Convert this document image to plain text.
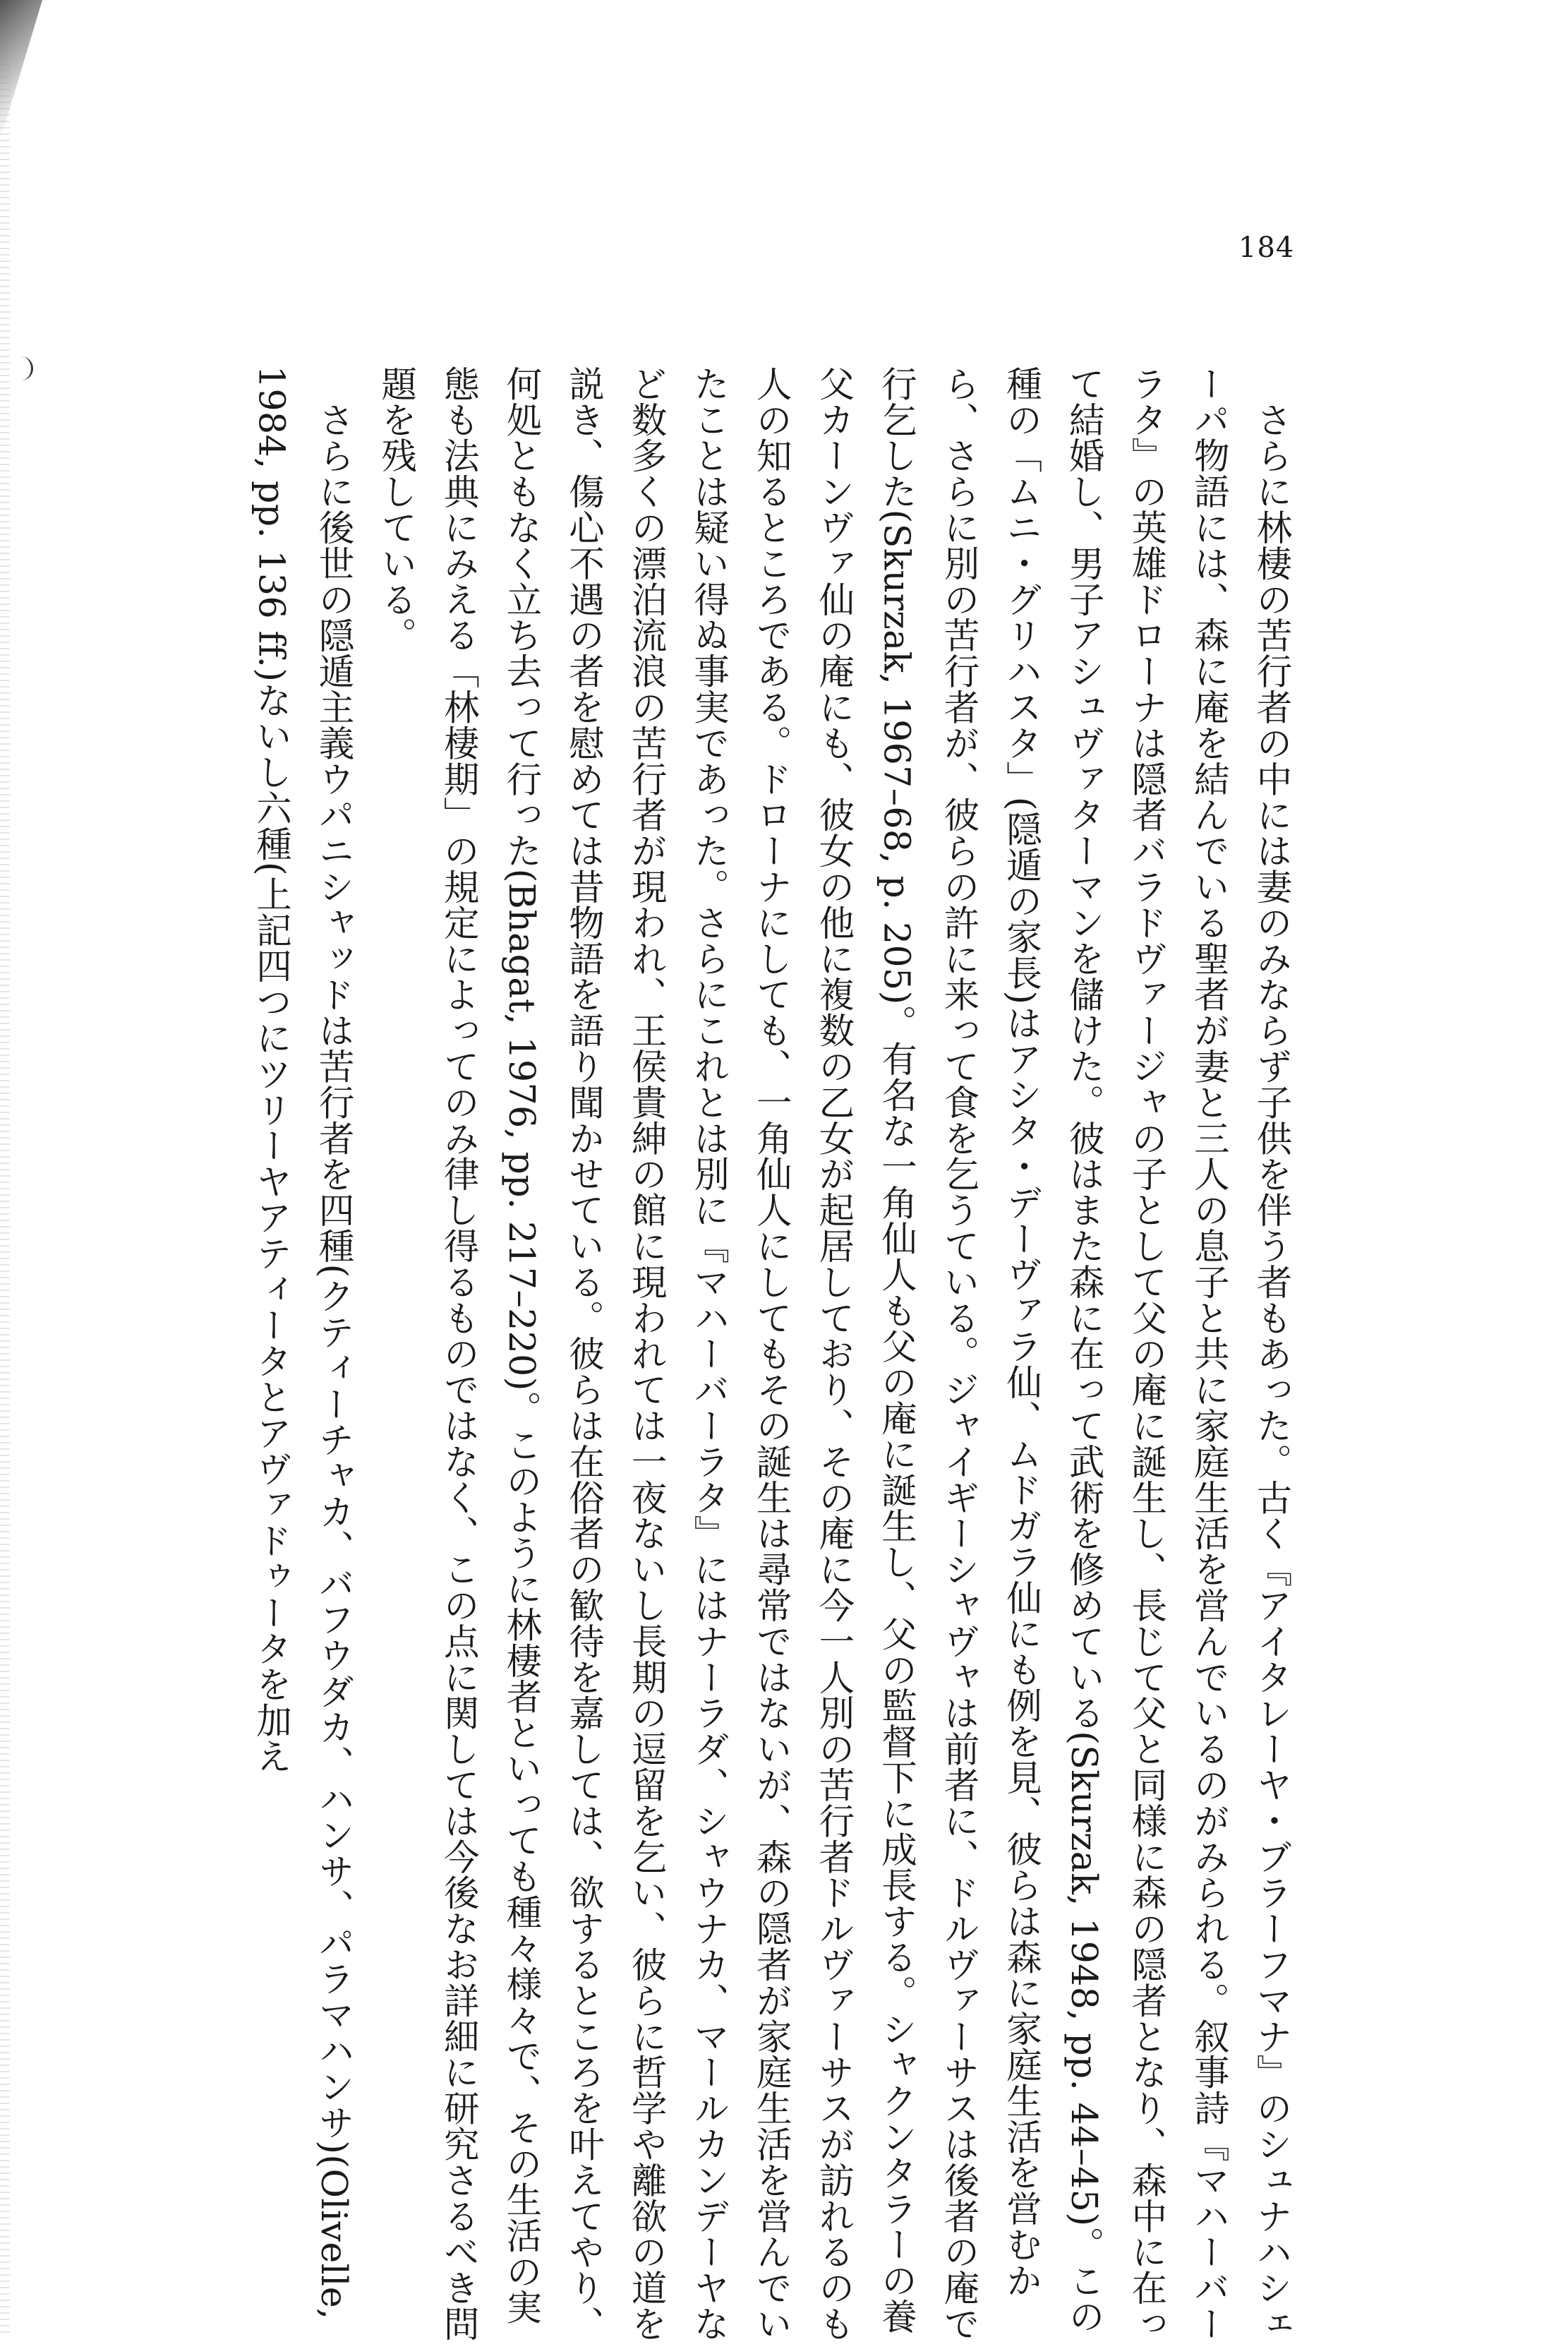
184

さらに林棲の苦行者の中には妻のみならず子供を伴う者もあった。古く『アイタレーヤ・ブラーフマナ』のシュナハシェーパ物語には、森に庵を結んでいる聖者が妻と三人の息子と共に家庭生活を営んでいるのがみられる。叙事詩『マハーバーラタ』の英雄ドローナは隠者バラドヴァージャの子として父の庵に誕生し、長じて父と同様に森の隠者となり、森中に在って結婚し、男子アシュヴァターマンを儲けた。彼はまた森に在って武術を修めている(Skurzak, 1948, pp. 44–45)。この種の「ムニ・グリハスタ」(隠遁の家長)はアシタ・デーヴァラ仙、ムドガラ仙にも例を見、彼らは森に家庭生活を営むから、さらに別の苦行者が、彼らの許に来って食を乞うている。ジャイギーシャヴャは前者に、ドルヴァーサスは後者の庵で行乞した(Skurzak, 1967–68, p. 205)。有名な一角仙人も父の庵に誕生し、父の監督下に成長する。シャクンタラーの養父カーンヴァ仙の庵にも、彼女の他に複数の乙女が起居しており、その庵に今一人別の苦行者ドルヴァーサスが訪れるのも人の知るところである。ドローナにしても、一角仙人にしてもその誕生は尋常ではないが、森の隠者が家庭生活を営んでいたことは疑い得ぬ事実であった。さらにこれとは別に『マハーバーラタ』にはナーラダ、シャウナカ、マールカンデーヤなど数多くの漂泊流浪の苦行者が現われ、王侯貴紳の館に現われては一夜ないし長期の逗留を乞い、彼らに哲学や離欲の道を説き、傷心不遇の者を慰めては昔物語を語り聞かせている。彼らは在俗者の歓待を嘉しては、欲するところを叶えてやり、何処ともなく立ち去って行った(Bhagat, 1976, pp. 217–220)。このように林棲者といっても種々様々で、その生活の実態も法典にみえる「林棲期」の規定によってのみ律し得るものではなく、この点に関しては今後なお詳細に研究さるべき問題を残している。

さらに後世の隠遁主義ウパニシャッドは苦行者を四種(クティーチャカ、バフウダカ、ハンサ、パラマハンサ)(Olivelle, 1984, pp. 136 ff.)ないし六種(上記四つにツリーヤアティータとアヴァドゥータを加え
